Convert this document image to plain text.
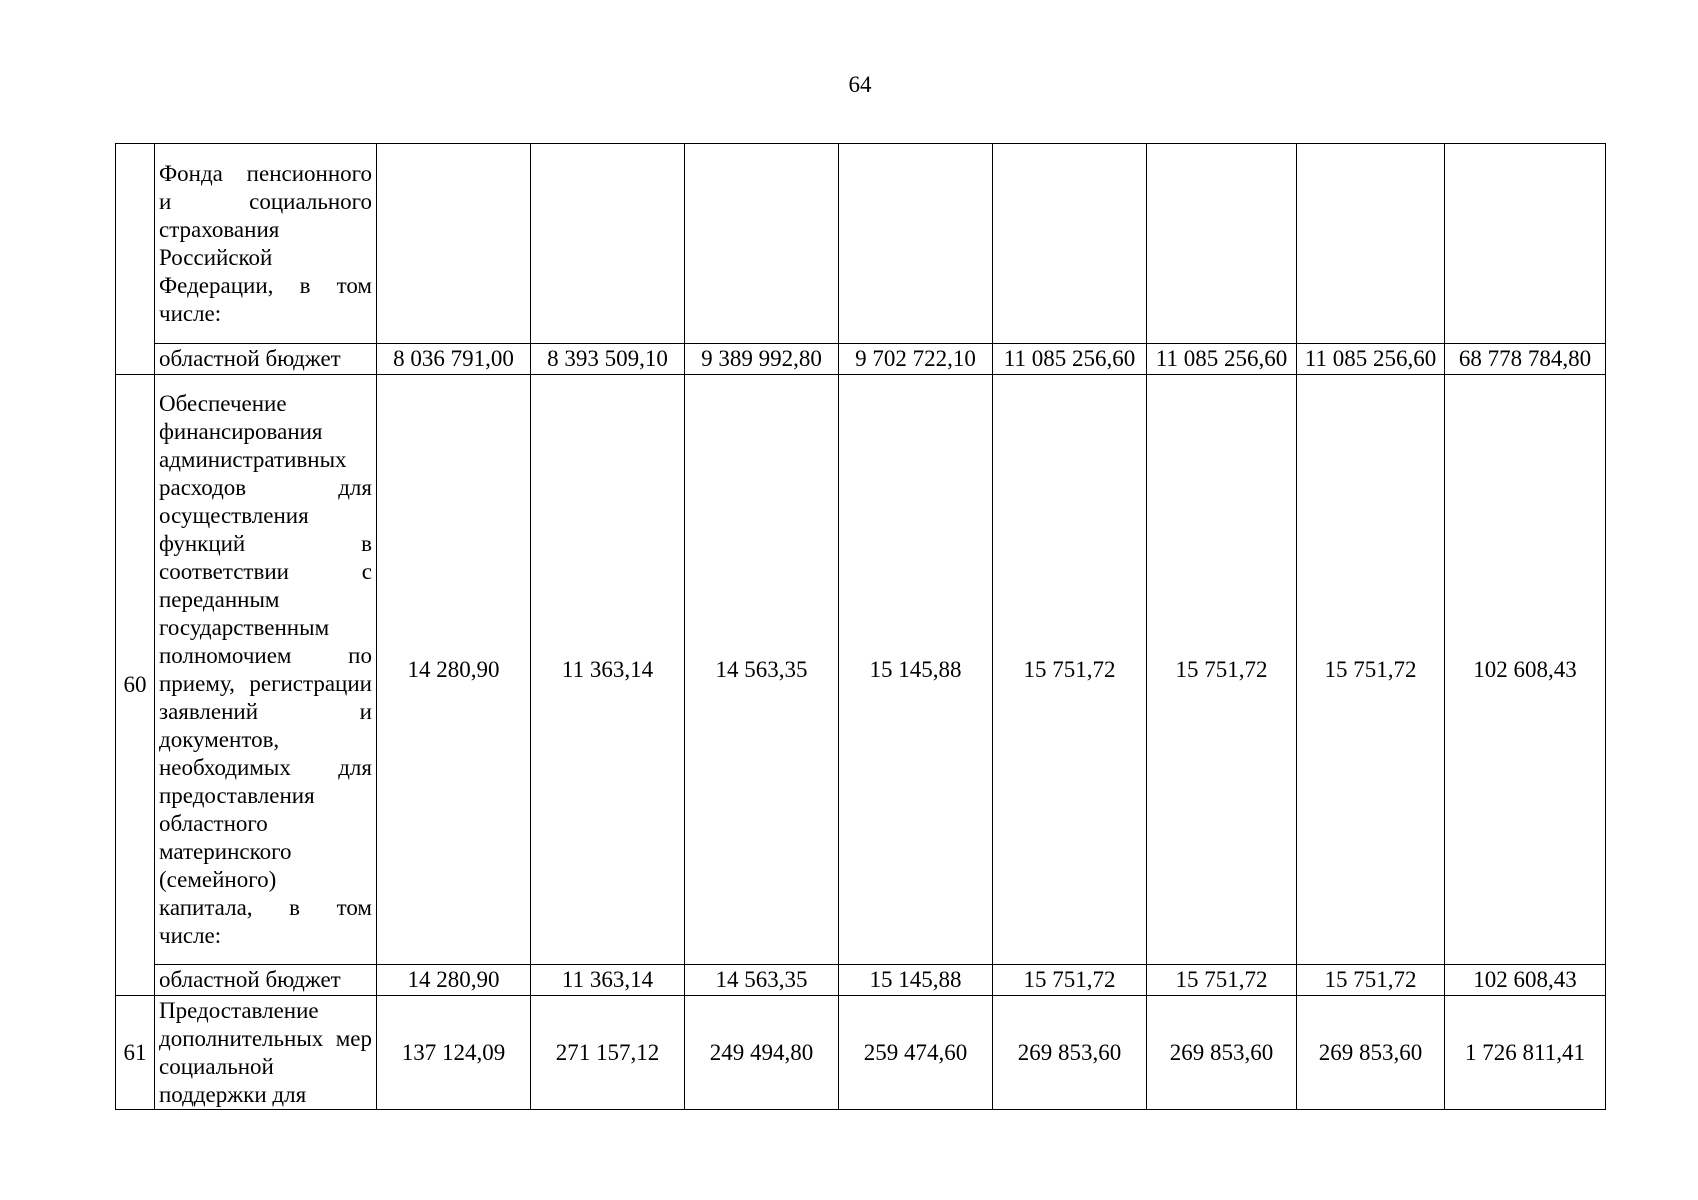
64
	Фонда пенсионного и социального страхования Российской Федерации, в том числе:								
	областной бюджет	8 036 791,00	8 393 509,10	9 389 992,80	9 702 722,10	11 085 256,60	11 085 256,60	11 085 256,60	68 778 784,80
60	Обеспечение финансирования административных расходов для осуществления функций в соответствии с переданным государственным полномочием по приему, регистрации заявлений и документов, необходимых для предоставления областного материнского (семейного) капитала, в том числе:	14 280,90	11 363,14	14 563,35	15 145,88	15 751,72	15 751,72	15 751,72	102 608,43
	областной бюджет	14 280,90	11 363,14	14 563,35	15 145,88	15 751,72	15 751,72	15 751,72	102 608,43
61	Предоставление дополнительных мер социальной поддержки для	137 124,09	271 157,12	249 494,80	259 474,60	269 853,60	269 853,60	269 853,60	1 726 811,41
